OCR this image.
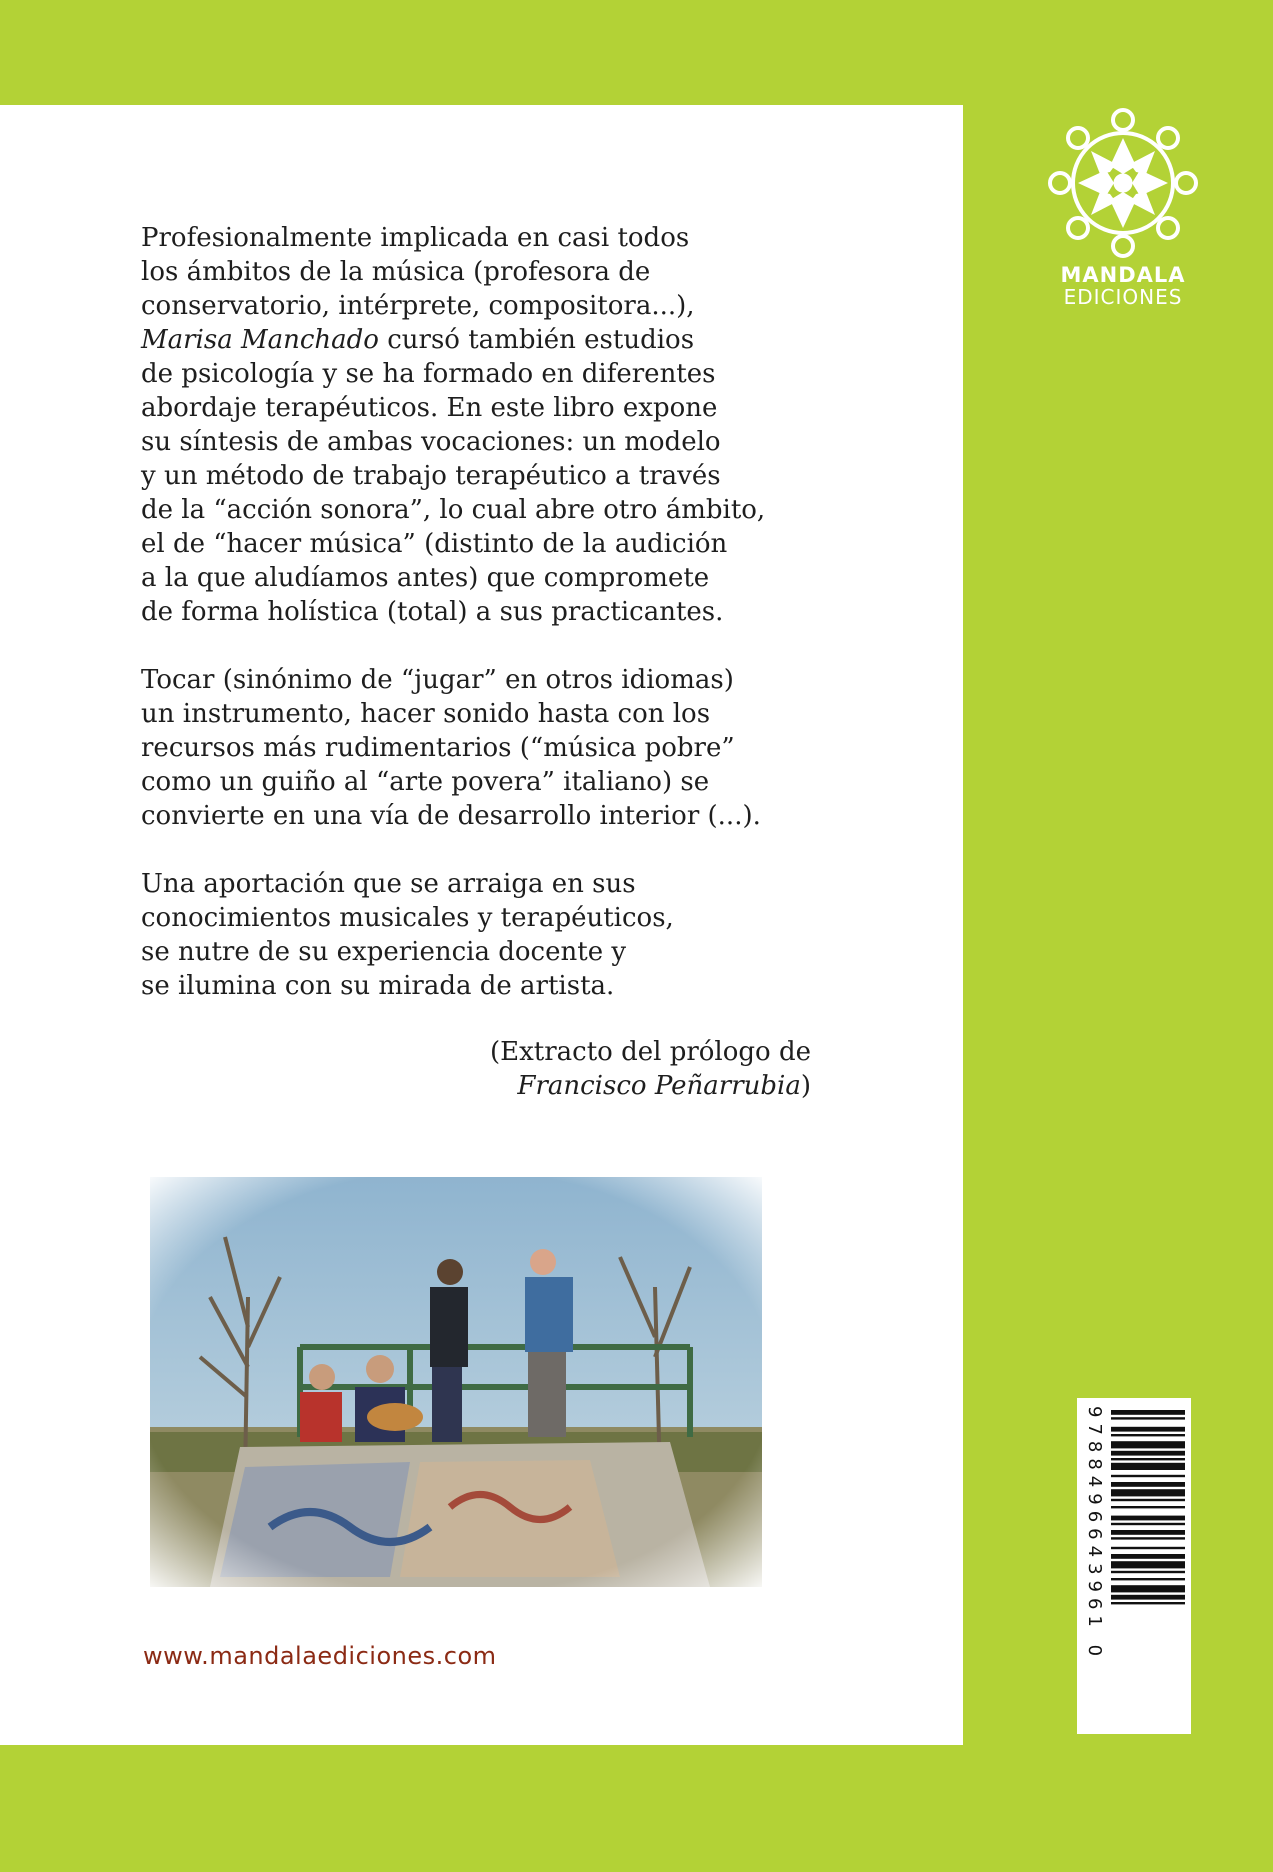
Profesionalmente implicada en casi todos
los ámbitos de la música (profesora de
conservatorio, intérprete, compositora...),
Marisa Manchado cursó también estudios
de psicología y se ha formado en diferentes
abordaje terapéuticos. En este libro expone
su síntesis de ambas vocaciones: un modelo
y un método de trabajo terapéutico a través
de la “acción sonora”, lo cual abre otro ámbito,
el de “hacer música” (distinto de la audición
a la que aludíamos antes) que compromete
de forma holística (total) a sus practicantes.

Tocar (sinónimo de “jugar” en otros idiomas)
un instrumento, hacer sonido hasta con los
recursos más rudimentarios (“música pobre”
como un guiño al “arte povera” italiano) se
convierte en una vía de desarrollo interior (...).

Una aportación que se arraiga en sus
conocimientos musicales y terapéuticos,
se nutre de su experiencia docente y
se ilumina con su mirada de artista.

(Extracto del prólogo de
Francisco Peñarrubia)
www.mandalaediciones.com
MANDALA
EDICIONES
9788496643961 0
